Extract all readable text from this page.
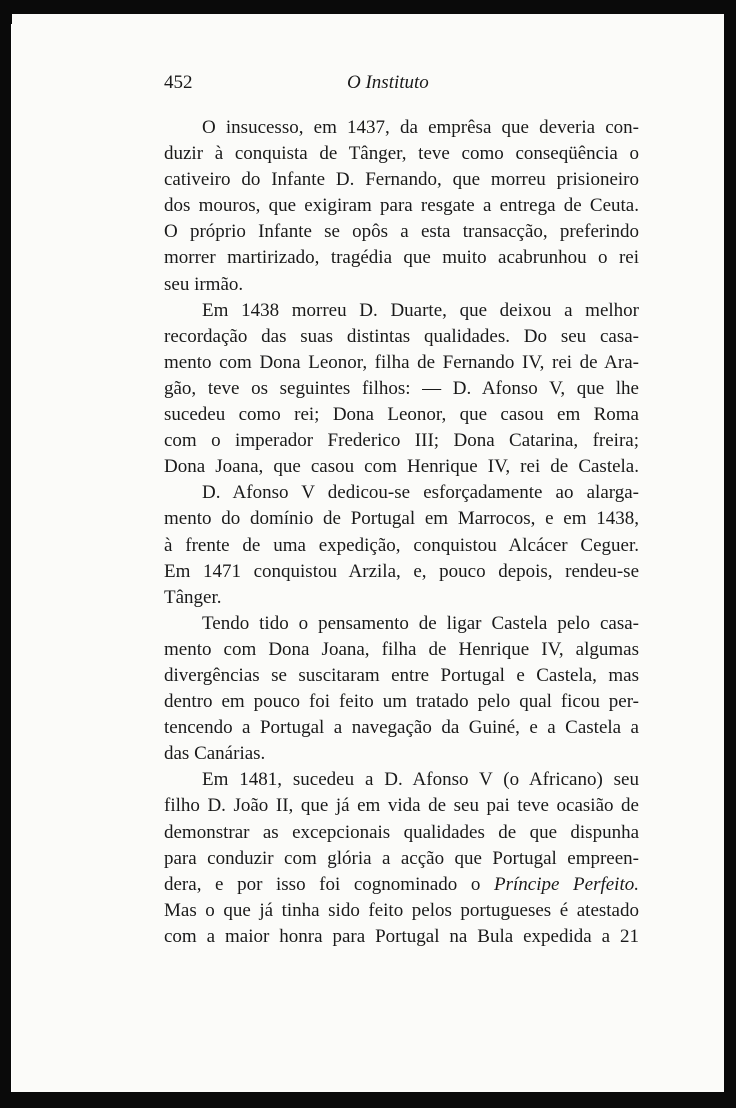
452	O Instituto

O insucesso, em 1437, da emprêsa que deveria con-
duzir à conquista de Tânger, teve como conseqüência o
cativeiro do Infante D. Fernando, que morreu prisioneiro
dos mouros, que exigiram para resgate a entrega de Ceuta.
O próprio Infante se opôs a esta transacção, preferindo
morrer martirizado, tragédia que muito acabrunhou o rei
seu irmão.

Em 1438 morreu D. Duarte, que deixou a melhor
recordação das suas distintas qualidades. Do seu casa-
mento com Dona Leonor, filha de Fernando IV, rei de Ara-
gão, teve os seguintes filhos: — D. Afonso V, que lhe
sucedeu como rei; Dona Leonor, que casou em Roma
com o imperador Frederico III; Dona Catarina, freira;
Dona Joana, que casou com Henrique IV, rei de Castela.

D. Afonso V dedicou-se esforçadamente ao alarga-
mento do domínio de Portugal em Marrocos, e em 1438,
à frente de uma expedição, conquistou Alcácer Ceguer.
Em 1471 conquistou Arzila, e, pouco depois, rendeu-se
Tânger.

Tendo tido o pensamento de ligar Castela pelo casa-
mento com Dona Joana, filha de Henrique IV, algumas
divergências se suscitaram entre Portugal e Castela, mas
dentro em pouco foi feito um tratado pelo qual ficou per-
tencendo a Portugal a navegação da Guiné, e a Castela a
das Canárias.

Em 1481, sucedeu a D. Afonso V (o Africano) seu
filho D. João II, que já em vida de seu pai teve ocasião de
demonstrar as excepcionais qualidades de que dispunha
para conduzir com glória a acção que Portugal empreen-
dera, e por isso foi cognominado o Príncipe Perfeito.
Mas o que já tinha sido feito pelos portugueses é atestado
com a maior honra para Portugal na Bula expedida a 21
